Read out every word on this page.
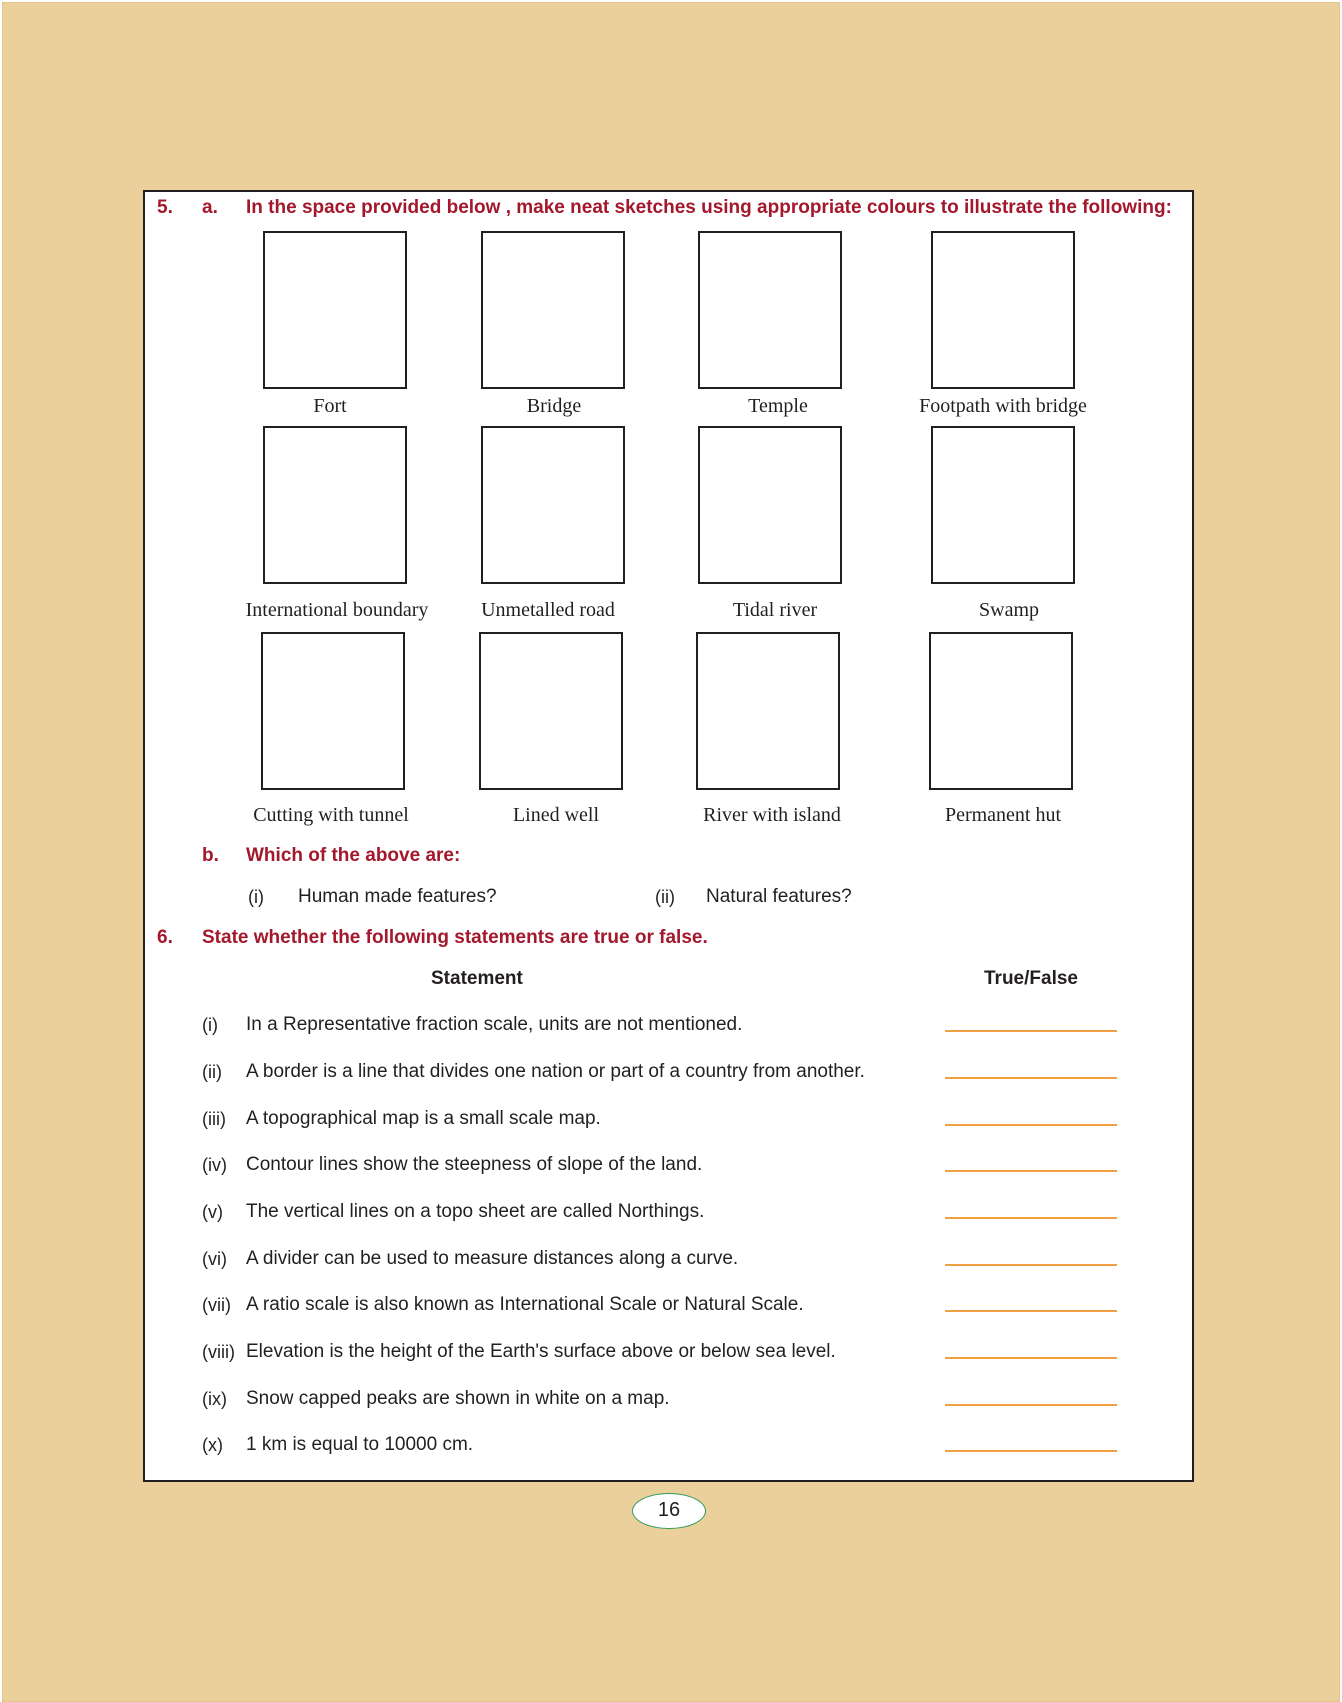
5. a. In the space provided below , make neat sketches using appropriate colours to illustrate the following:
Fort	Bridge	Temple	Footpath with bridge
International boundary	Unmetalled road	Tidal river	Swamp
Cutting with tunnel	Lined well	River with island	Permanent hut
b. Which of the above are:
(i) Human made features?	(ii) Natural features?
6. State whether the following statements are true or false.
Statement	True/False
(i) In a Representative fraction scale, units are not mentioned.
(ii) A border is a line that divides one nation or part of a country from another.
(iii) A topographical map is a small scale map.
(iv) Contour lines show the steepness of slope of the land.
(v) The vertical lines on a topo sheet are called Northings.
(vi) A divider can be used to measure distances along a curve.
(vii) A ratio scale is also known as International Scale or Natural Scale.
(viii) Elevation is the height of the Earth's surface above or below sea level.
(ix) Snow capped peaks are shown in white on a map.
(x) 1 km is equal to 10000 cm.
16
